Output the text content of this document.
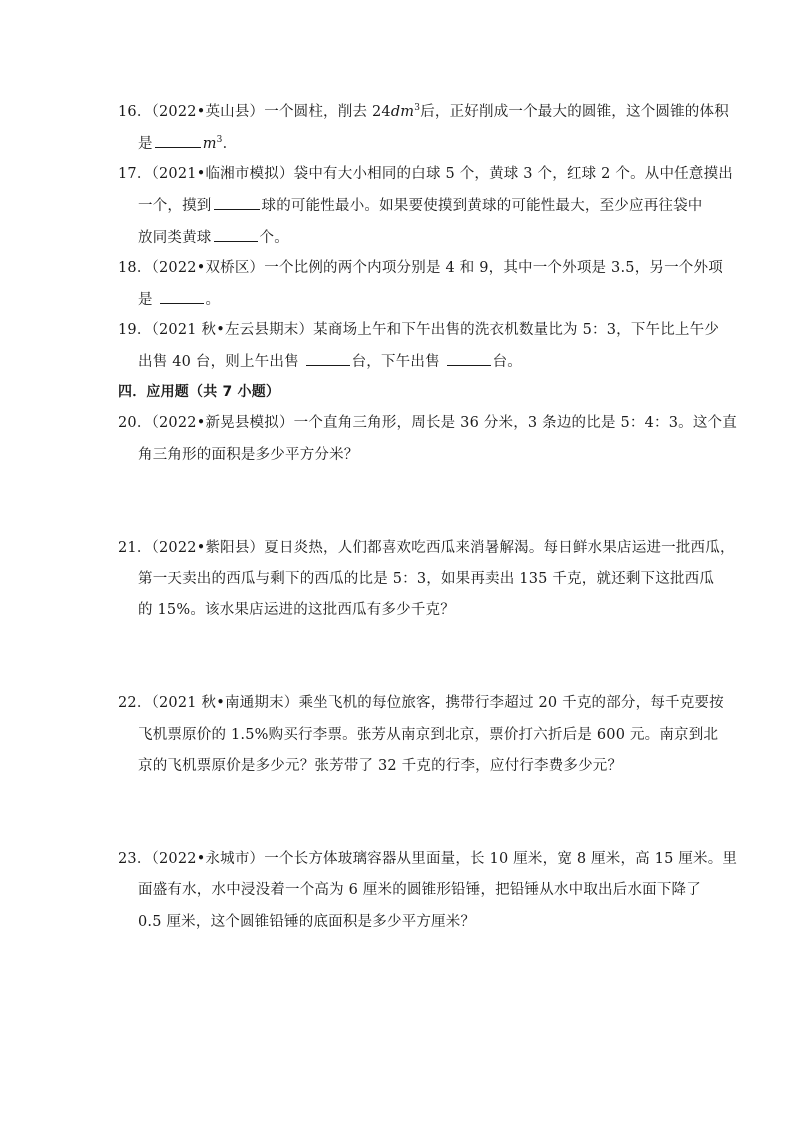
16．（2022•英山县）一个圆柱，削去 $24dm^3$后，正好削成一个最大的圆锥，这个圆锥的体积
是	$m^3$．
17．（2021•临湘市模拟）袋中有大小相同的白球 5 个，黄球 3 个，红球 2 个。从中任意摸出
一个，摸到	球的可能性最小。如果要使摸到黄球的可能性最大，至少应再往袋中
放同类黄球	个。
18．（2022•双桥区）一个比例的两个内项分别是 4 和 9，其中一个外项是 3.5，另一个外项
是	。
19．（2021 秋•左云县期末）某商场上午和下午出售的洗衣机数量比为 5：3，下午比上午少
出售 40 台，则上午出售	台，下午出售	台。
四．应用题（共 7 小题）
20．（2022•新晃县模拟）一个直角三角形，周长是 36 分米，3 条边的比是 5：4：3。这个直
角三角形的面积是多少平方分米？
21．（2022•紫阳县）夏日炎热，人们都喜欢吃西瓜来消暑解渴。每日鲜水果店运进一批西瓜，
第一天卖出的西瓜与剩下的西瓜的比是 5：3，如果再卖出 135 千克，就还剩下这批西瓜
的 15%。该水果店运进的这批西瓜有多少千克？
22．（2021 秋•南通期末）乘坐飞机的每位旅客，携带行李超过 20 千克的部分，每千克要按
飞机票原价的 1.5%购买行李票。张芳从南京到北京，票价打六折后是 600 元。南京到北
京的飞机票原价是多少元？张芳带了 32 千克的行李，应付行李费多少元？
23．（2022•永城市）一个长方体玻璃容器从里面量，长 10 厘米，宽 8 厘米，高 15 厘米。里
面盛有水，水中浸没着一个高为 6 厘米的圆锥形铅锤，把铅锤从水中取出后水面下降了
0.5 厘米，这个圆锥铅锤的底面积是多少平方厘米？
